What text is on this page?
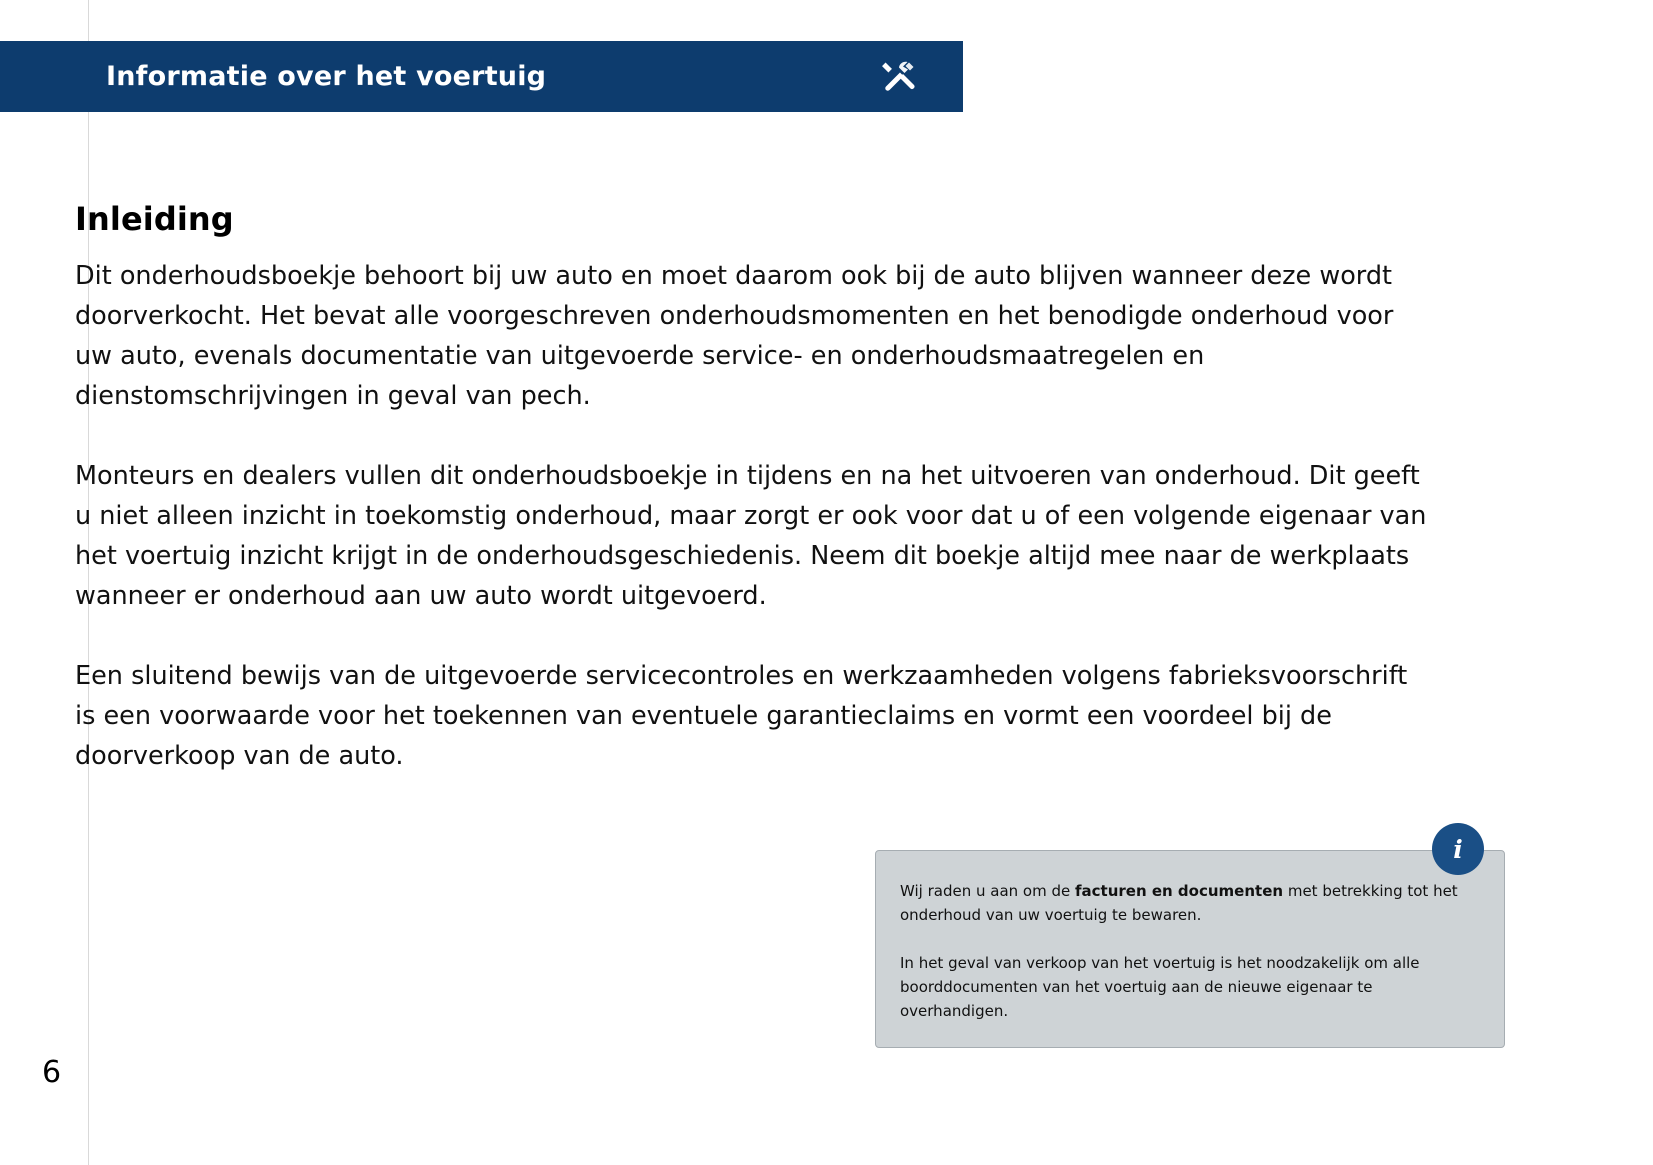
Informatie over het voertuig
Inleiding

Dit onderhoudsboekje behoort bij uw auto en moet daarom ook bij de auto blijven wanneer deze wordt doorverkocht. Het bevat alle voorgeschreven onderhoudsmomenten en het benodigde onderhoud voor uw auto, evenals documentatie van uitgevoerde service- en onderhoudsmaatregelen en dienstomschrijvingen in geval van pech.

Monteurs en dealers vullen dit onderhoudsboekje in tijdens en na het uitvoeren van onderhoud. Dit geeft u niet alleen inzicht in toekomstig onderhoud, maar zorgt er ook voor dat u of een volgende eigenaar van het voertuig inzicht krijgt in de onderhoudsgeschiedenis. Neem dit boekje altijd mee naar de werkplaats wanneer er onderhoud aan uw auto wordt uitgevoerd.

Een sluitend bewijs van de uitgevoerde servicecontroles en werkzaamheden volgens fabrieksvoorschrift is een voorwaarde voor het toekennen van eventuele garantieclaims en vormt een voordeel bij de doorverkoop van de auto.

i

Wij raden u aan om de facturen en documenten met betrekking tot het onderhoud van uw voertuig te bewaren.

In het geval van verkoop van het voertuig is het noodzakelijk om alle boorddocumenten van het voertuig aan de nieuwe eigenaar te overhandigen.

6
